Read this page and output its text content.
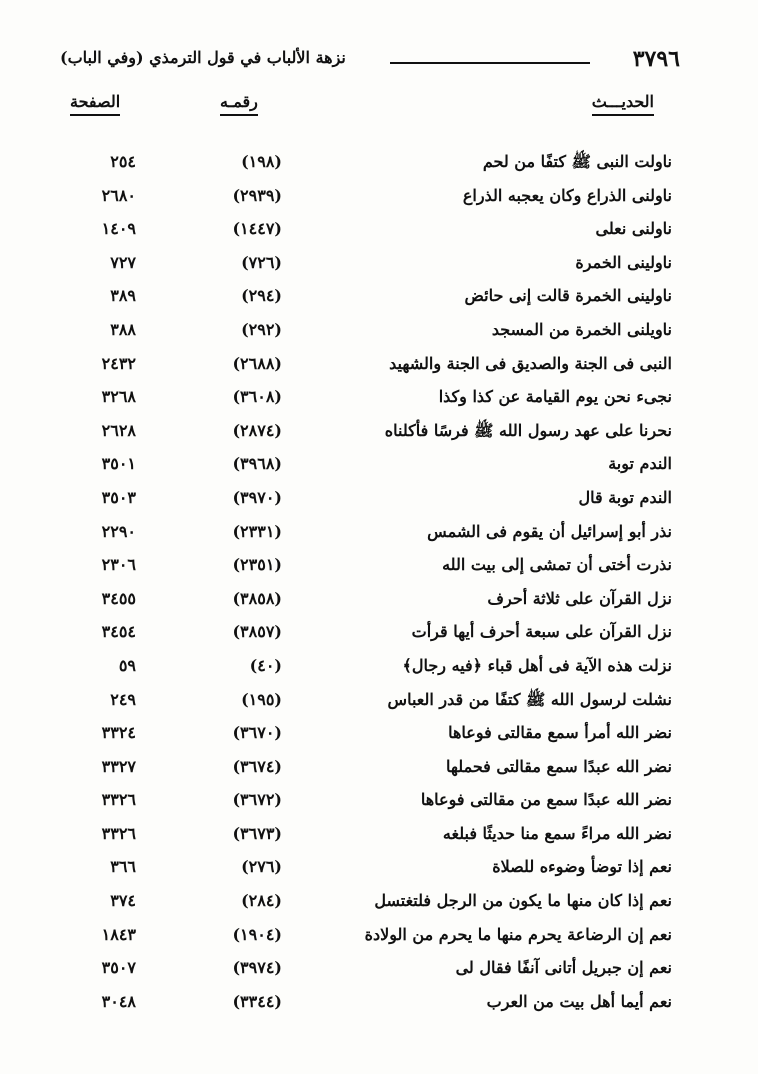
٣٧٩٦
نزهة الألباب في قول الترمذي (وفي الباب)
الحديـــث
رقمـه
الصفحة
ناولت النبى ﷺ كتفًا من لحم
(١٩٨)
٢٥٤
ناولنى الذراع وكان يعجبه الذراع
(٢٩٣٩)
٢٦٨٠
ناولنى نعلى
(١٤٤٧)
١٤٠٩
ناولينى الخمرة
(٧٢٦)
٧٢٧
ناولينى الخمرة قالت إنى حائض
(٢٩٤)
٣٨٩
ناويلنى الخمرة من المسجد
(٢٩٢)
٣٨٨
النبى فى الجنة والصديق فى الجنة والشهيد
(٢٦٨٨)
٢٤٣٢
نجىء نحن يوم القيامة عن كذا وكذا
(٣٦٠٨)
٣٢٦٨
نحرنا على عهد رسول الله ﷺ فرسًا فأكلناه
(٢٨٧٤)
٢٦٢٨
الندم توبة
(٣٩٦٨)
٣٥٠١
الندم توبة قال
(٣٩٧٠)
٣٥٠٣
نذر أبو إسرائيل أن يقوم فى الشمس
(٢٣٣١)
٢٢٩٠
نذرت أختى أن تمشى إلى بيت الله
(٢٣٥١)
٢٣٠٦
نزل القرآن على ثلاثة أحرف
(٣٨٥٨)
٣٤٥٥
نزل القرآن على سبعة أحرف أيها قرأت
(٣٨٥٧)
٣٤٥٤
نزلت هذه الآية فى أهل قباء ﴿فيه رجال﴾
(٤٠)
٥٩
نشلت لرسول الله ﷺ كتفًا من قدر العباس
(١٩٥)
٢٤٩
نضر الله أمرأ سمع مقالتى فوعاها
(٣٦٧٠)
٣٣٢٤
نضر الله عبدًا سمع مقالتى فحملها
(٣٦٧٤)
٣٣٢٧
نضر الله عبدًا سمع من مقالتى فوعاها
(٣٦٧٢)
٣٣٢٦
نضر الله مراءً سمع منا حديثًا فبلغه
(٣٦٧٣)
٣٣٢٦
نعم إذا توضأ وضوءه للصلاة
(٢٧٦)
٣٦٦
نعم إذا كان منها ما يكون من الرجل فلتغتسل
(٢٨٤)
٣٧٤
نعم إن الرضاعة يحرم منها ما يحرم من الولادة
(١٩٠٤)
١٨٤٣
نعم إن جبريل أتانى آنفًا فقال لى
(٣٩٧٤)
٣٥٠٧
نعم أيما أهل بيت من العرب
(٣٣٤٤)
٣٠٤٨
